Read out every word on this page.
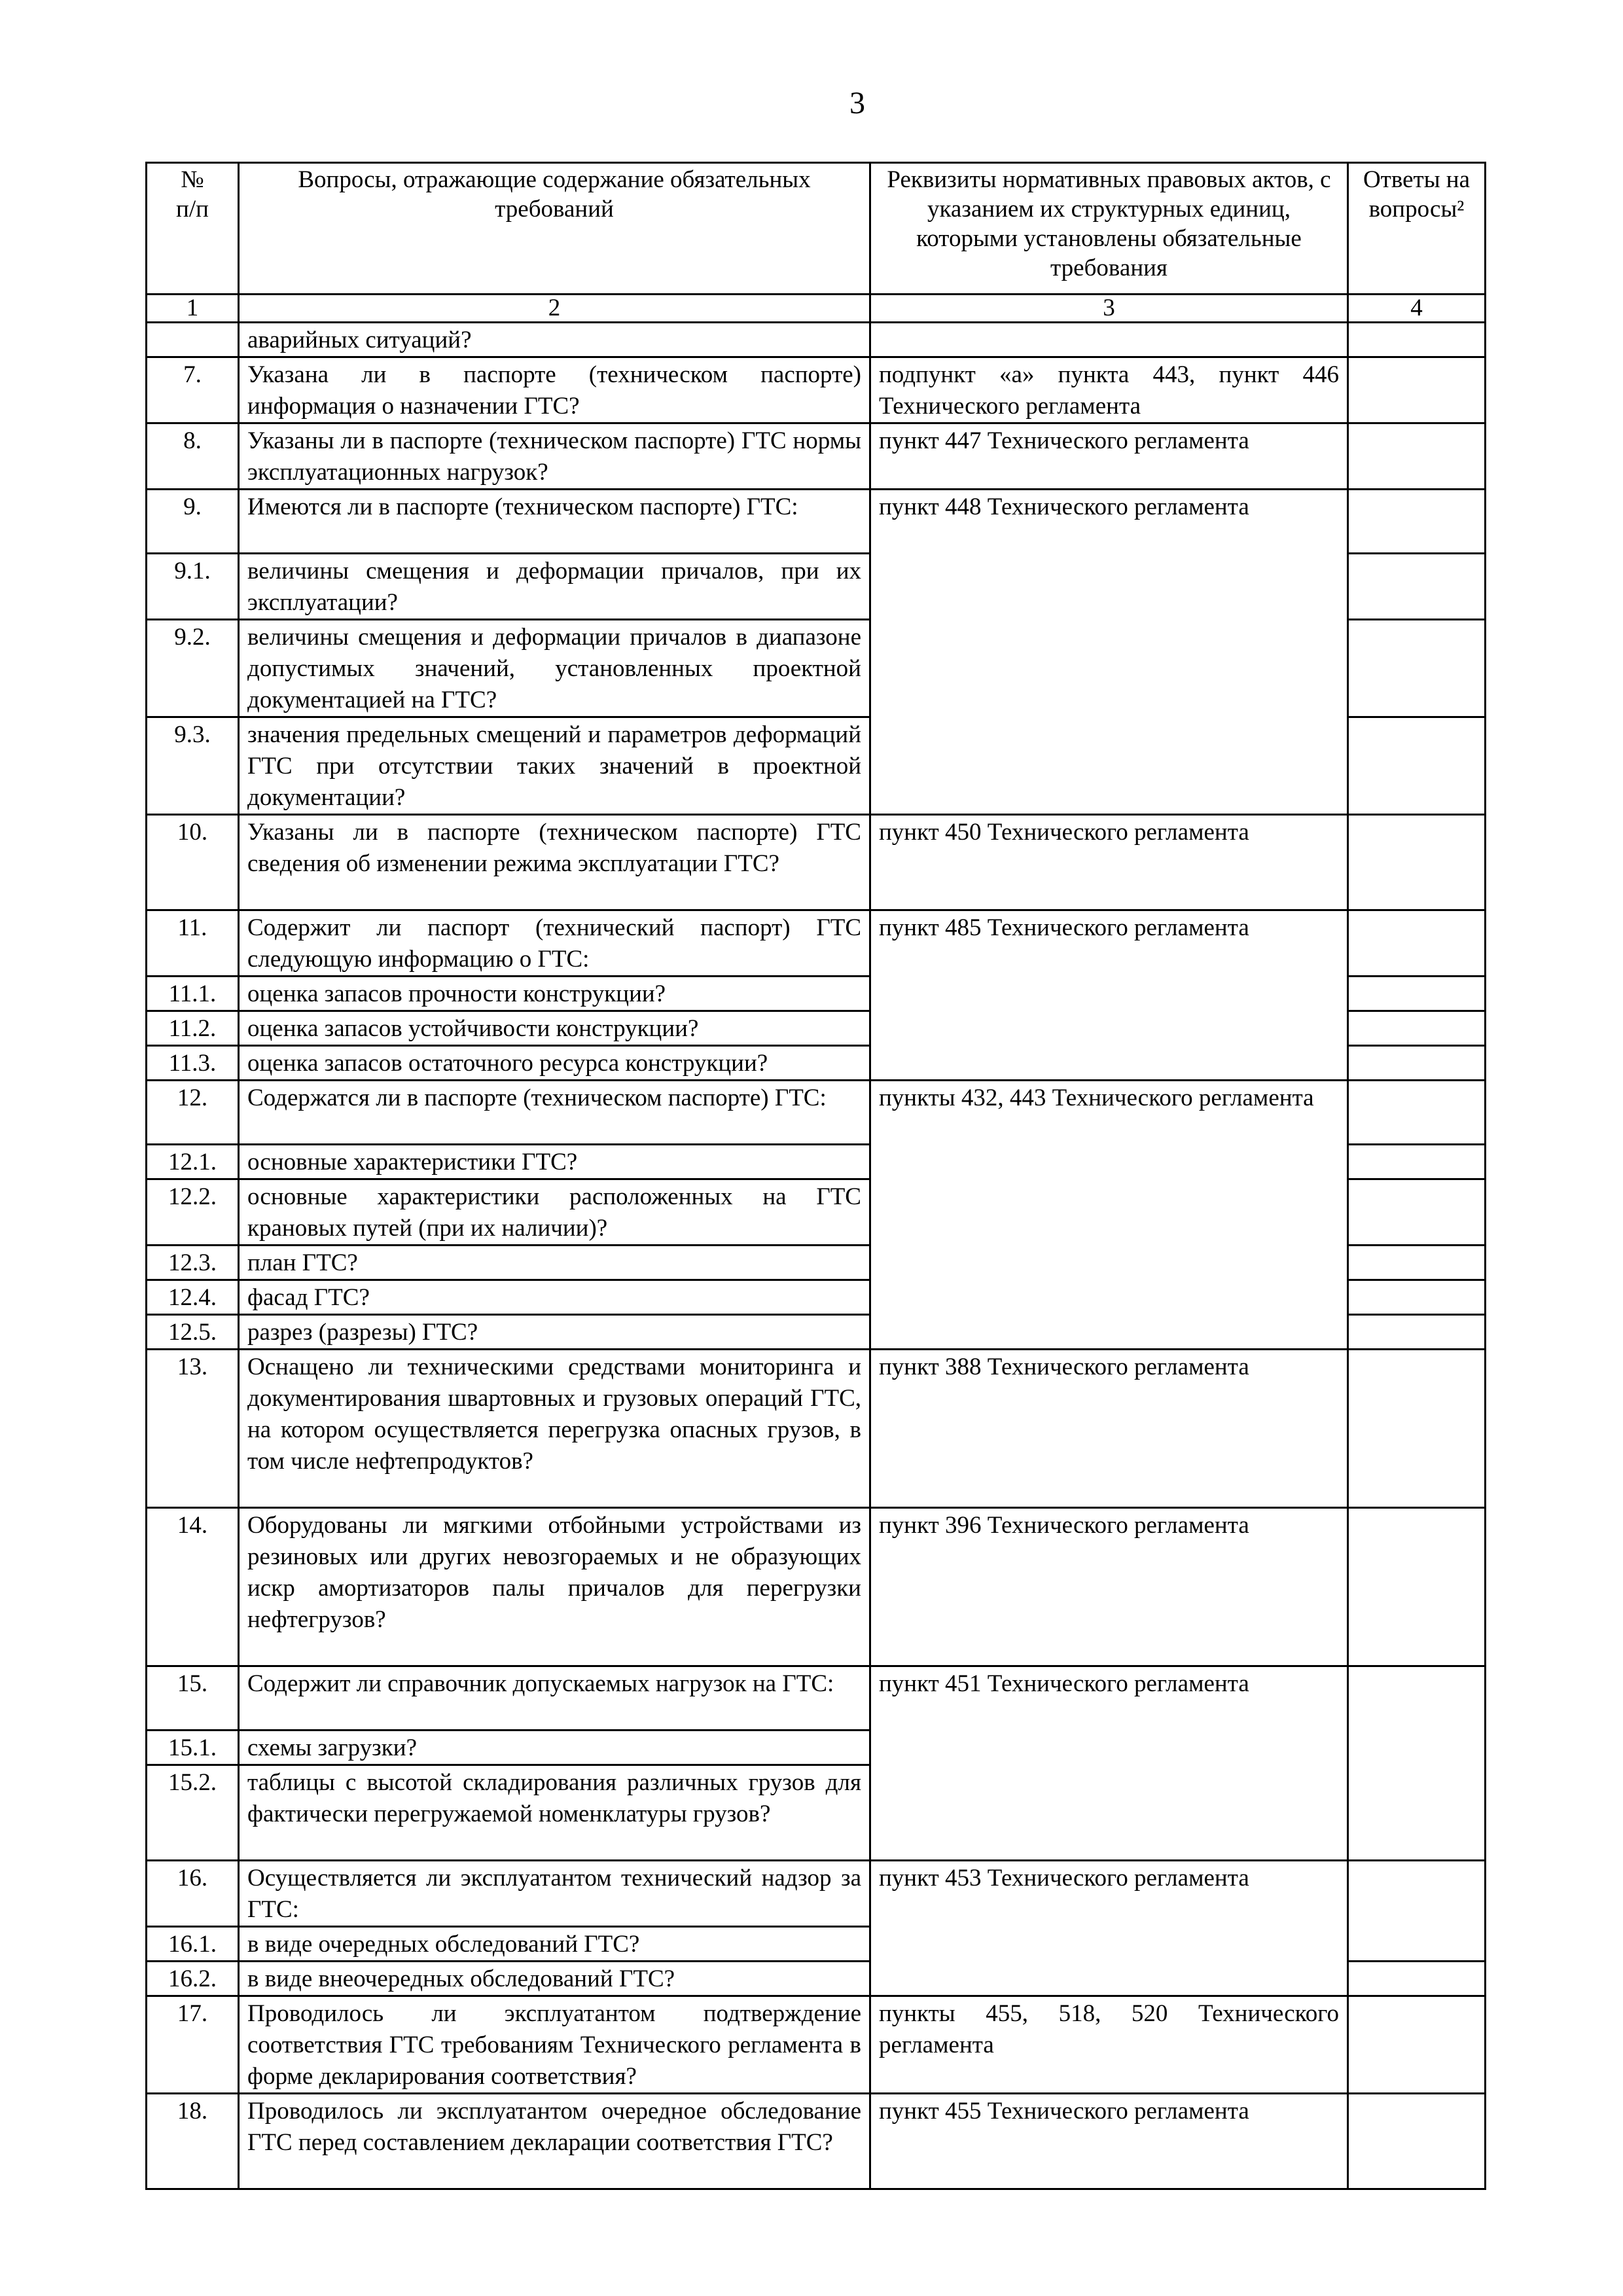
3
№
п/п	Вопросы, отражающие содержание обязательных требований	Реквизиты нормативных правовых актов, с указанием их структурных единиц, которыми установлены обязательные требования	Ответы на вопросы²
1	2	3	4
	аварийных ситуаций?		
7.	Указана ли в паспорте (техническом паспорте) информация о назначении ГТС?	подпункт «а» пункта 443, пункт 446 Технического регламента	
8.	Указаны ли в паспорте (техническом паспорте) ГТС нормы эксплуатационных нагрузок?	пункт 447 Технического регламента	
9.	Имеются ли в паспорте (техническом паспорте) ГТС:	пункт 448 Технического регламента	
9.1.	величины смещения и деформации причалов, при их эксплуатации?		
9.2.	величины смещения и деформации причалов в диапазоне допустимых значений, установленных проектной документацией на ГТС?		
9.3.	значения предельных смещений и параметров деформаций ГТС при отсутствии таких значений в проектной документации?		
10.	Указаны ли в паспорте (техническом паспорте) ГТС сведения об изменении режима эксплуатации ГТС?	пункт 450 Технического регламента	
11.	Содержит ли паспорт (технический паспорт) ГТС следующую информацию о ГТС:	пункт 485 Технического регламента	
11.1.	оценка запасов прочности конструкции?		
11.2.	оценка запасов устойчивости конструкции?		
11.3.	оценка запасов остаточного ресурса конструкции?		
12.	Содержатся ли в паспорте (техническом паспорте) ГТС:	пункты 432, 443 Технического регламента	
12.1.	основные характеристики ГТС?		
12.2.	основные характеристики расположенных на ГТС крановых путей (при их наличии)?		
12.3.	план ГТС?		
12.4.	фасад ГТС?		
12.5.	разрез (разрезы) ГТС?		
13.	Оснащено ли техническими средствами мониторинга и документирования швартовных и грузовых операций ГТС, на котором осуществляется перегрузка опасных грузов, в том числе нефтепродуктов?	пункт 388 Технического регламента	
14.	Оборудованы ли мягкими отбойными устройствами из резиновых или других невозгораемых и не образующих искр амортизаторов палы причалов для перегрузки нефтегрузов?	пункт 396 Технического регламента	
15.	Содержит ли справочник допускаемых нагрузок на ГТС:	пункт 451 Технического регламента	
15.1.	схемы загрузки?		
15.2.	таблицы с высотой складирования различных грузов для фактически перегружаемой номенклатуры грузов?		
16.	Осуществляется ли эксплуатантом технический надзор за ГТС:	пункт 453 Технического регламента	
16.1.	в виде очередных обследований ГТС?		
16.2.	в виде внеочередных обследований ГТС?		
17.	Проводилось ли эксплуатантом подтверждение соответствия ГТС требованиям Технического регламента в форме декларирования соответствия?	пункты 455, 518, 520 Технического регламента	
18.	Проводилось ли эксплуатантом очередное обследование ГТС перед составлением декларации соответствия ГТС?	пункт 455 Технического регламента	
